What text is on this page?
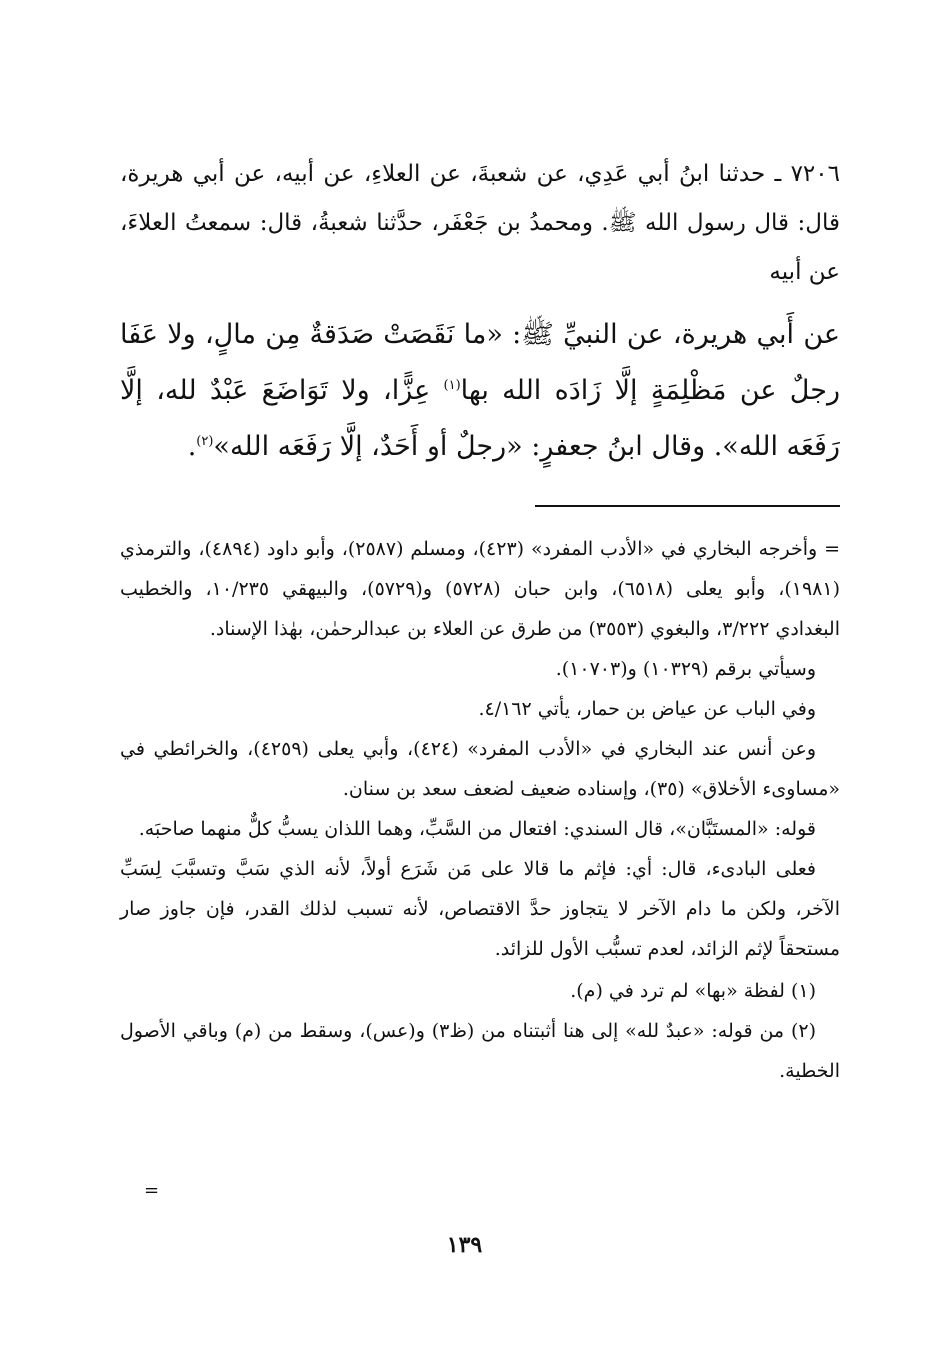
٧٢٠٦ ـ حدثنا ابنُ أبي عَدِي، عن شعبةَ، عن العلاءِ، عن أبيه، عن أبي هريرة، قال: قال رسول الله ﷺ. ومحمدُ بن جَعْفَر، حدَّثنا شعبةُ، قال: سمعتُ العلاءَ، عن أبيه

عن أَبي هريرة، عن النبيِّ ﷺ: «ما نَقَصَتْ صَدَقةٌ مِن مالٍ، ولا عَفَا رجلٌ عن مَظْلِمَةٍ إلَّا زَادَه الله بها$^{(١)}$ عِزًّا، ولا تَوَاضَعَ عَبْدٌ لله، إلَّا رَفَعَه الله». وقال ابنُ جعفرٍ: «رجلٌ أو أَحَدٌ، إلَّا رَفَعَه الله»$^{(٢)}$.

= وأخرجه البخاري في «الأدب المفرد» (٤٢٣)، ومسلم (٢٥٨٧)، وأبو داود (٤٨٩٤)، والترمذي (١٩٨١)، وأبو يعلى (٦٥١٨)، وابن حبان (٥٧٢٨) و(٥٧٢٩)، والبيهقي ١٠/٢٣٥، والخطيب البغدادي ٣/٢٢٢، والبغوي (٣٥٥٣) من طرق عن العلاء بن عبدالرحمٰن، بهٰذا الإسناد.

وسيأتي برقم (١٠٣٢٩) و(١٠٧٠٣).

وفي الباب عن عياض بن حمار، يأتي ٤/١٦٢.

وعن أنس عند البخاري في «الأدب المفرد» (٤٢٤)، وأبي يعلى (٤٢٥٩)، والخرائطي في «مساوىء الأخلاق» (٣٥)، وإسناده ضعيف لضعف سعد بن سنان.

قوله: «المستَبَّان»، قال السندي: افتعال من السَّبِّ، وهما اللذان يسبُّ كلٌّ منهما صاحبَه.

فعلى البادىء، قال: أي: فإثم ما قالا على مَن شَرَع أولاً، لأنه الذي سَبَّ وتسبَّبَ لِسَبِّ الآخر، ولكن ما دام الآخر لا يتجاوز حدَّ الاقتصاص، لأنه تسبب لذلك القدر، فإن جاوز صار مستحقاً لإثم الزائد، لعدم تسبُّب الأول للزائد.

(١) لفظة «بها» لم ترد في (م).

(٢) من قوله: «عبدٌ لله» إلى هنا أثبتناه من (ظ٣) و(عس)، وسقط من (م) وباقي الأصول الخطية.

=
١٣٩
